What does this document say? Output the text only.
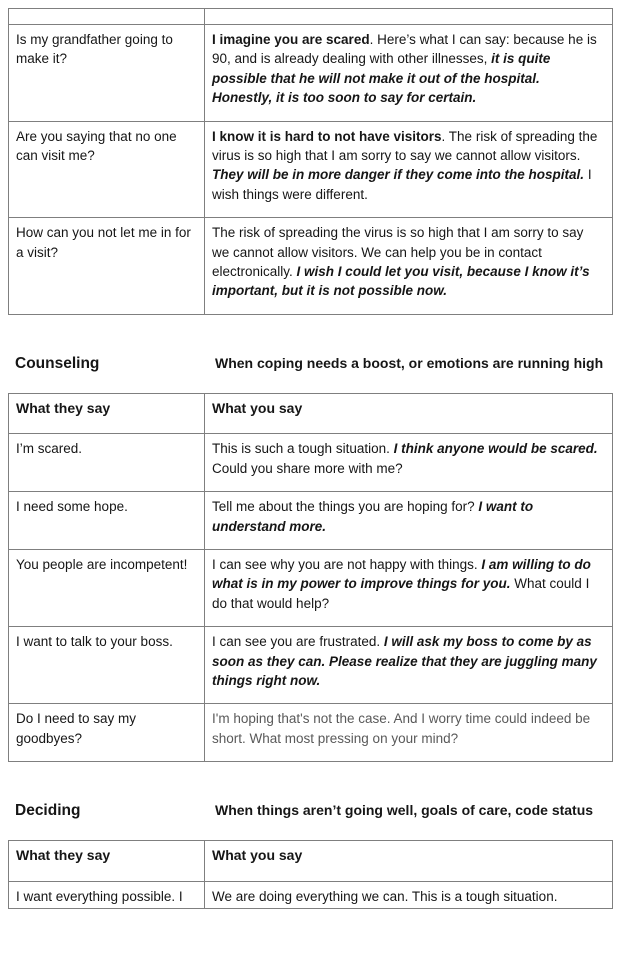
Is my grandfather going to make it?	I imagine you are scared. Here’s what I can say: because he is 90, and is already dealing with other illnesses, it is quite possible that he will not make it out of the hospital. Honestly, it is too soon to say for certain.
Are you saying that no one can visit me?	I know it is hard to not have visitors. The risk of spreading the virus is so high that I am sorry to say we cannot allow visitors. They will be in more danger if they come into the hospital. I wish things were different.
How can you not let me in for a visit?	The risk of spreading the virus is so high that I am sorry to say we cannot allow visitors. We can help you be in contact electronically. I wish I could let you visit, because I know it’s important, but it is not possible now.
Counseling	When coping needs a boost, or emotions are running high
What they say	What you say
I’m scared.	This is such a tough situation. I think anyone would be scared. Could you share more with me?
I need some hope.	Tell me about the things you are hoping for? I want to understand more.
You people are incompetent!	I can see why you are not happy with things. I am willing to do what is in my power to improve things for you. What could I do that would help?
I want to talk to your boss.	I can see you are frustrated. I will ask my boss to come by as soon as they can. Please realize that they are juggling many things right now.
Do I need to say my goodbyes?	I'm hoping that's not the case. And I worry time could indeed be short. What most pressing on your mind?
Deciding	When things aren’t going well, goals of care, code status
What they say	What you say
I want everything possible. I	We are doing everything we can. This is a tough situation.
